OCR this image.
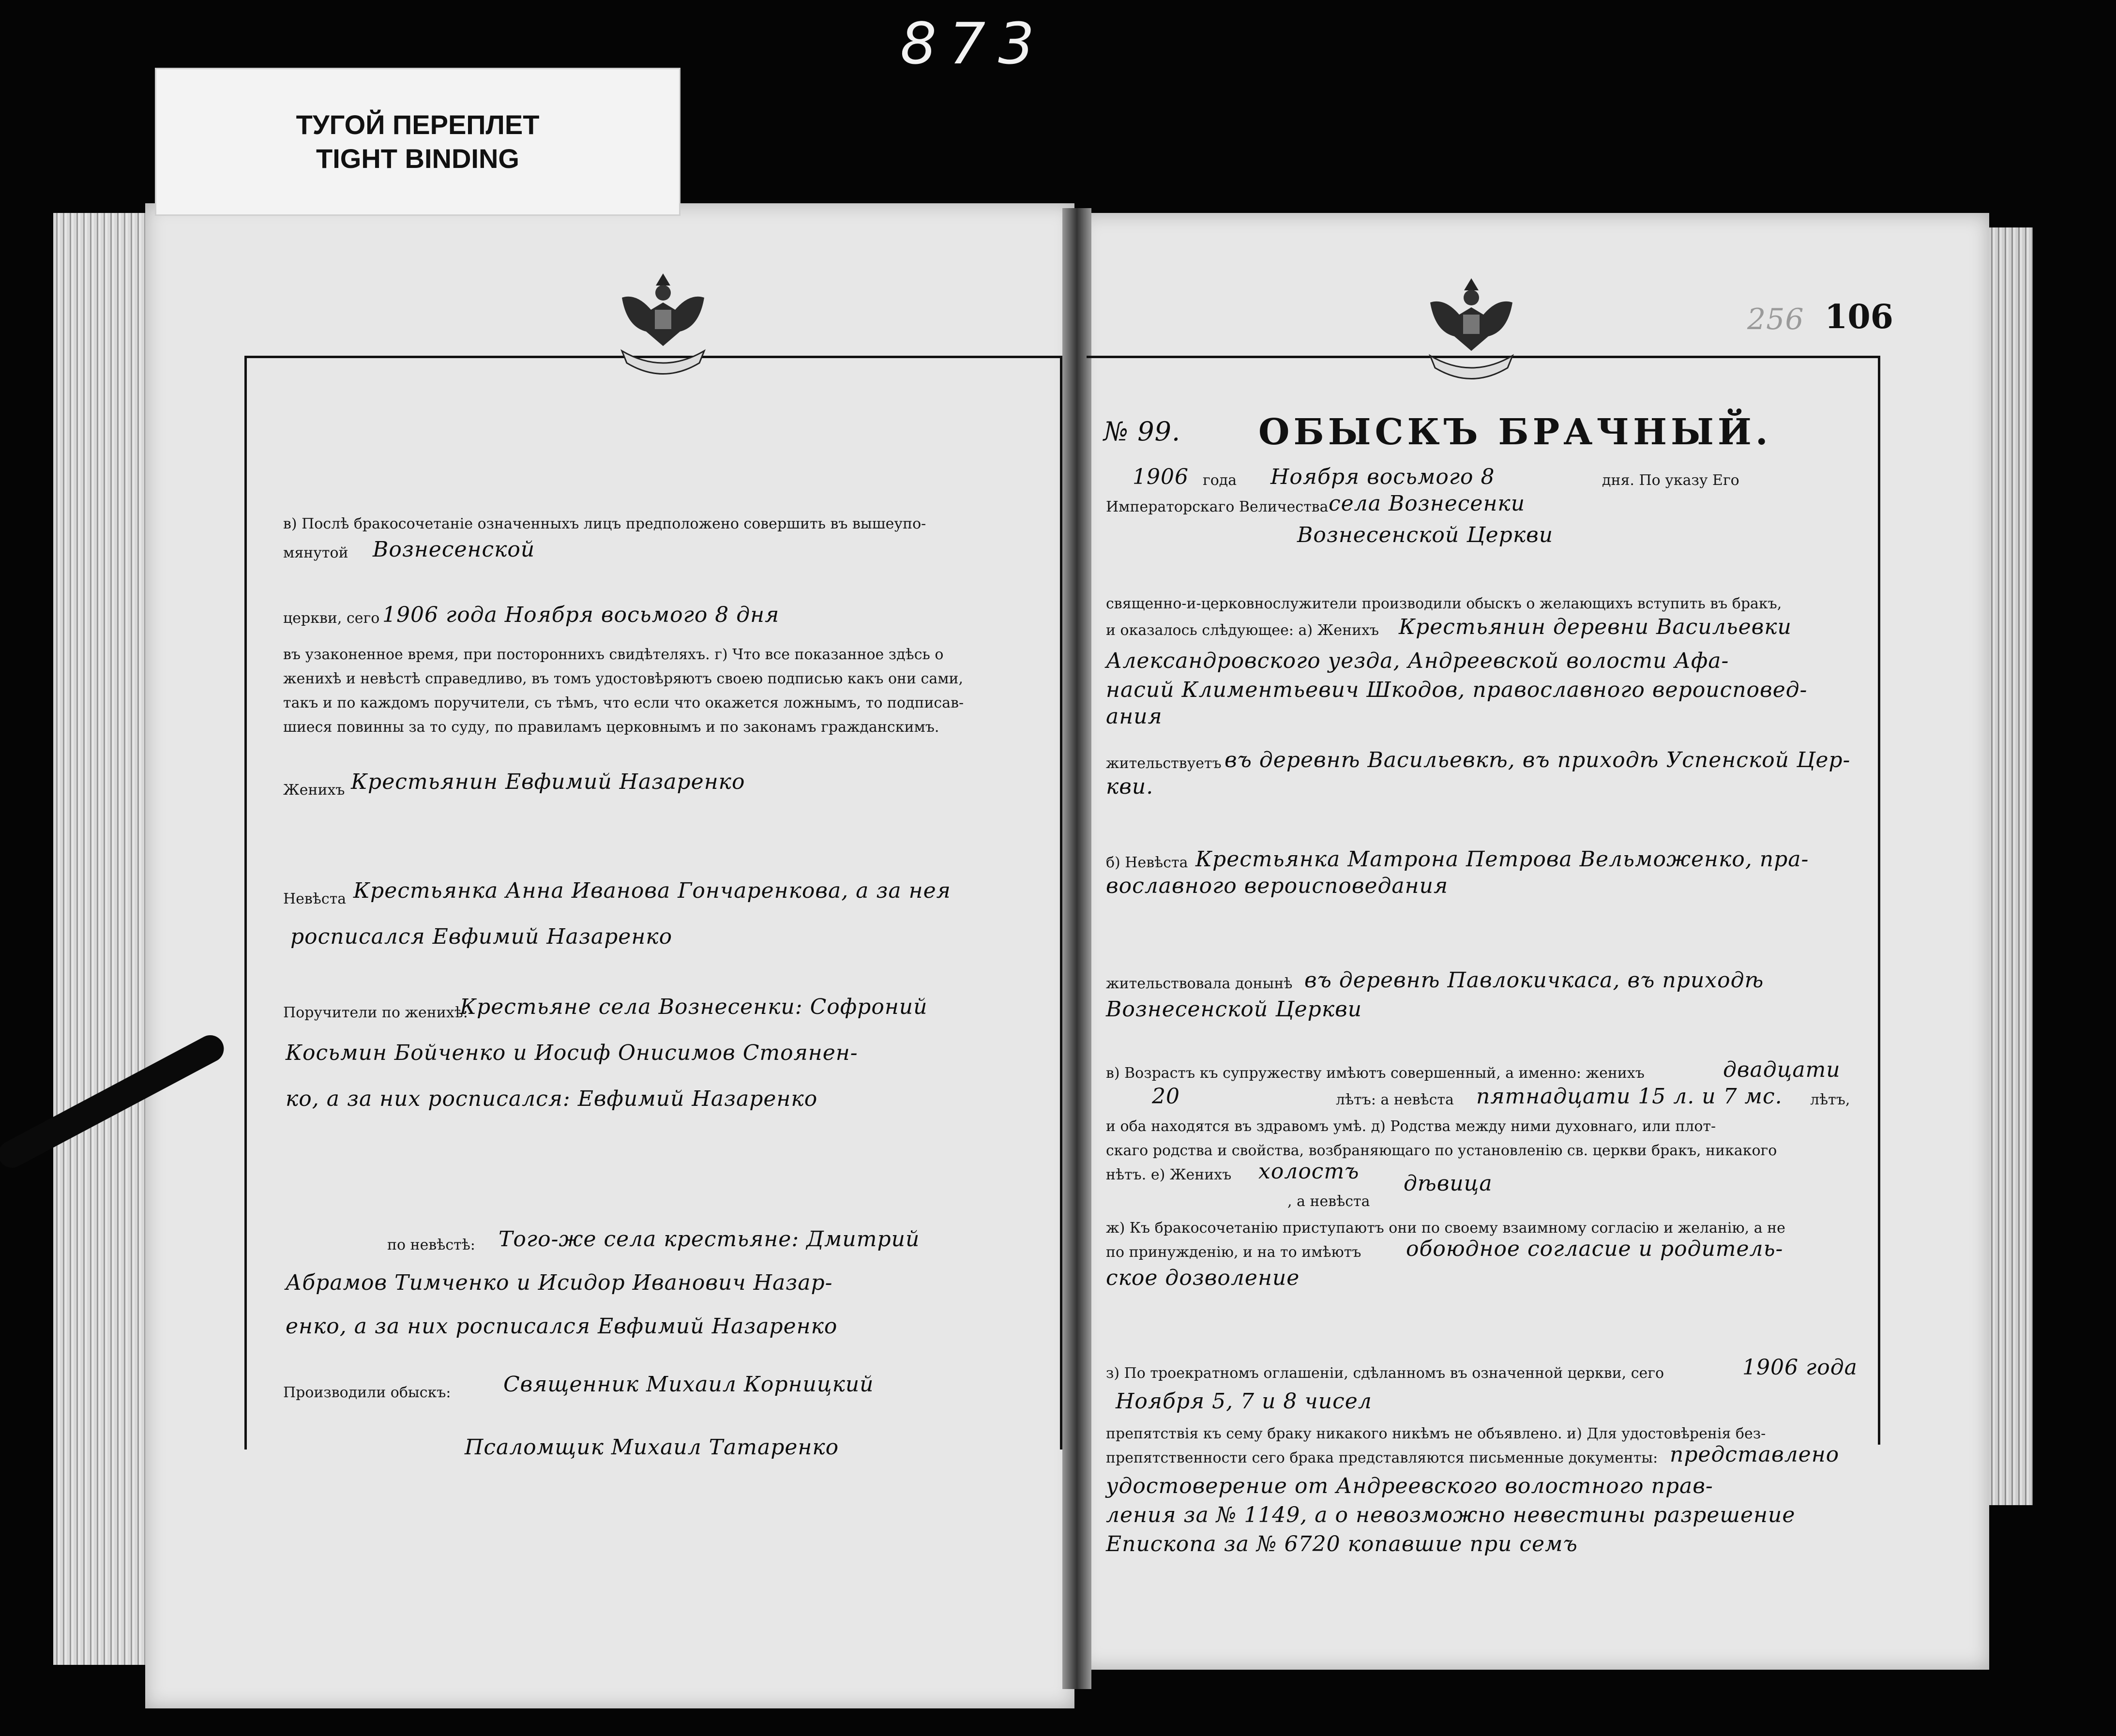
873
ТУГОЙ ПЕРЕПЛЕТ
TIGHT BINDING
в) Послѣ бракосочетаніе означенныхъ лицъ предположено совершить въ вышеупо-
мянутой Вознесенской
церкви, сего 1906 года Ноября восьмого 8 дня
въ узаконенное время, при постороннихъ свидѣтеляхъ. г) Что все показанное здѣсь о
женихѣ и невѣстѣ справедливо, въ томъ удостовѣряютъ своею подписью какъ они сами,
такъ и по каждомъ поручители, съ тѣмъ, что если что окажется ложнымъ, то подписав-
шиеся повинны за то суду, по правиламъ церковнымъ и по законамъ гражданскимъ.
Женихъ Крестьянин Евфимий Назаренко
Невѣста Крестьянка Анна Иванова Гончаренкова, а за нея
росписался Евфимий Назаренко
Поручители по женихѣ:
Крестьяне села Вознесенки: Софроний
Косьмин Бойченко и Иосиф Онисимов Стоянен-
ко, а за них росписался: Евфимий Назаренко
по невѣстѣ: Того-же села крестьяне: Дмитрий
Абрамов Тимченко и Исидор Иванович Назар-
енко, а за них росписался Евфимий Назаренко
Производили обыскъ: Священник Михаил Корницкий
Псаломщик Михаил Татаренко
256 106
№ 99. ОБЫСКЪ БРАЧНЫЙ.
1906 года Ноября восьмого 8	дня. По указу Его
Императорскаго Величества села Вознесенки
Вознесенской Церкви
священно-и-церковнослужители производили обыскъ о желающихъ вступить въ бракъ,
и оказалось слѣдующее: а) Женихъ Крестьянин деревни Васильевки
Александровского уезда, Андреевской волости Афа-
насий Климентьевич Шкодов, православного вероисповед-
ания
жительствуетъ въ деревнѣ Васильевкѣ, въ приходѣ Успенской Цер-
кви.
б) Невѣста Крестьянка Матрона Петрова Вельможенко, пра-
вославного вероисповедания
жительствовала донынѣ въ деревнѣ Павлокичкаса, въ приходѣ
Вознесенской Церкви
в) Возрастъ къ супружеству имѣютъ совершенный, а именно: женихъ	двадцати
20	лѣтъ: а невѣста пятнадцати 15 л. и 7 мс. лѣтъ,
и оба находятся въ здравомъ умѣ. д) Родства между ними духовнаго, или плот-
скаго родства и свойства, возбраняющаго по установленію св. церкви бракъ, никакого
нѣтъ. е) Женихъ холостъ
, а невѣста
дѣвица
ж) Къ бракосочетанію приступаютъ они по своему взаимному согласію и желанію, а не
по принужденію, и на то имѣютъ обоюдное согласие и родитель-
ское дозволение
з) По троекратномъ оглашеніи, сдѣланномъ въ означенной церкви, сего	1906 года
Ноября 5, 7 и 8 чисел
препятствія къ сему браку никакого никѣмъ не объявлено. и) Для удостовѣренія без-
препятственности сего брака представляются письменные документы: представлено
удостоверение от Андреевского волостного прав-
ления за № 1149, а о невозможно невестины разрешение
Епископа за № 6720 копавшие при семъ
